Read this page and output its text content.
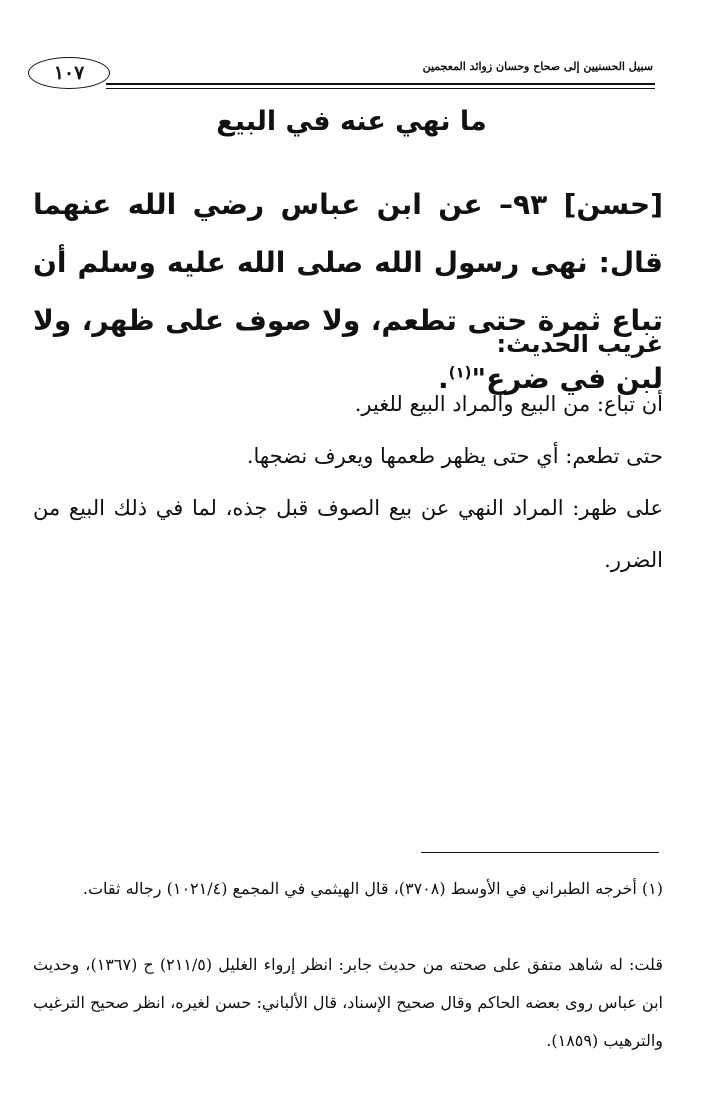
سبيل الحسنيين إلى صحاح وحسان زوائد المعجمين
١٠٧
ما نهي عنه في البيع
[حسن] ٩٣– عن ابن عباس رضي الله عنهما قال: نهى رسول الله صلى الله عليه وسلم أن تباع ثمرة حتى تطعم، ولا صوف على ظهر، ولا لبن في ضرع"$^{(١)}$.
غريب الحديث:
أن تباع: من البيع والمراد البيع للغير.
حتى تطعم: أي حتى يظهر طعمها ويعرف نضجها.
على ظهر: المراد النهي عن بيع الصوف قبل جذه، لما في ذلك البيع من الضرر.
(١) أخرجه الطبراني في الأوسط (٣٧٠٨)، قال الهيثمي في المجمع (١٠٢١/٤) رجاله ثقات.
قلت: له شاهد متفق على صحته من حديث جابر: انظر إرواء الغليل (٢١١/٥) ح (١٣٦٧)، وحديث ابن عباس روى بعضه الحاكم وقال صحيح الإسناد، قال الألباني: حسن لغيره، انظر صحيح الترغيب والترهيب (١٨٥٩).
